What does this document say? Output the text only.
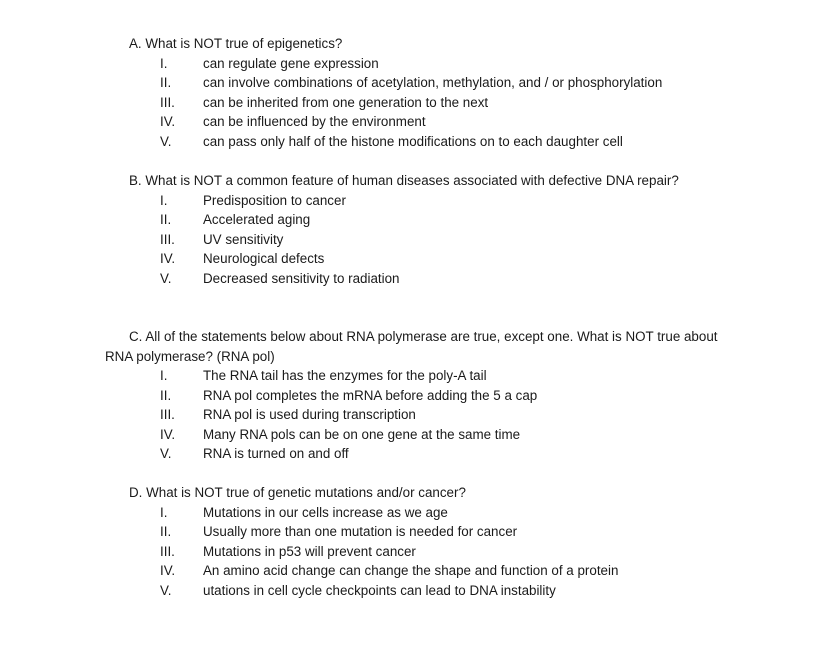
A. What is NOT true of epigenetics?

I.	can regulate gene expression
II.	can involve combinations of acetylation, methylation, and / or phosphorylation
III.	can be inherited from one generation to the next
IV.	can be influenced by the environment
V.	can pass only half of the histone modifications on to each daughter cell

B. What is NOT a common feature of human diseases associated with defective DNA repair?

I.	Predisposition to cancer
II.	Accelerated aging
III.	UV sensitivity
IV.	Neurological defects
V.	Decreased sensitivity to radiation

C. All of the statements below about RNA polymerase are true, except one. What is NOT true about RNA polymerase? (RNA pol)

I.	The RNA tail has the enzymes for the poly-A tail
II.	RNA pol completes the mRNA before adding the 5 a cap
III.	RNA pol is used during transcription
IV.	Many RNA pols can be on one gene at the same time
V.	RNA is turned on and off

D. What is NOT true of genetic mutations and/or cancer?

I.	Mutations in our cells increase as we age
II.	Usually more than one mutation is needed for cancer
III.	Mutations in p53 will prevent cancer
IV.	An amino acid change can change the shape and function of a protein
V.	utations in cell cycle checkpoints can lead to DNA instability
